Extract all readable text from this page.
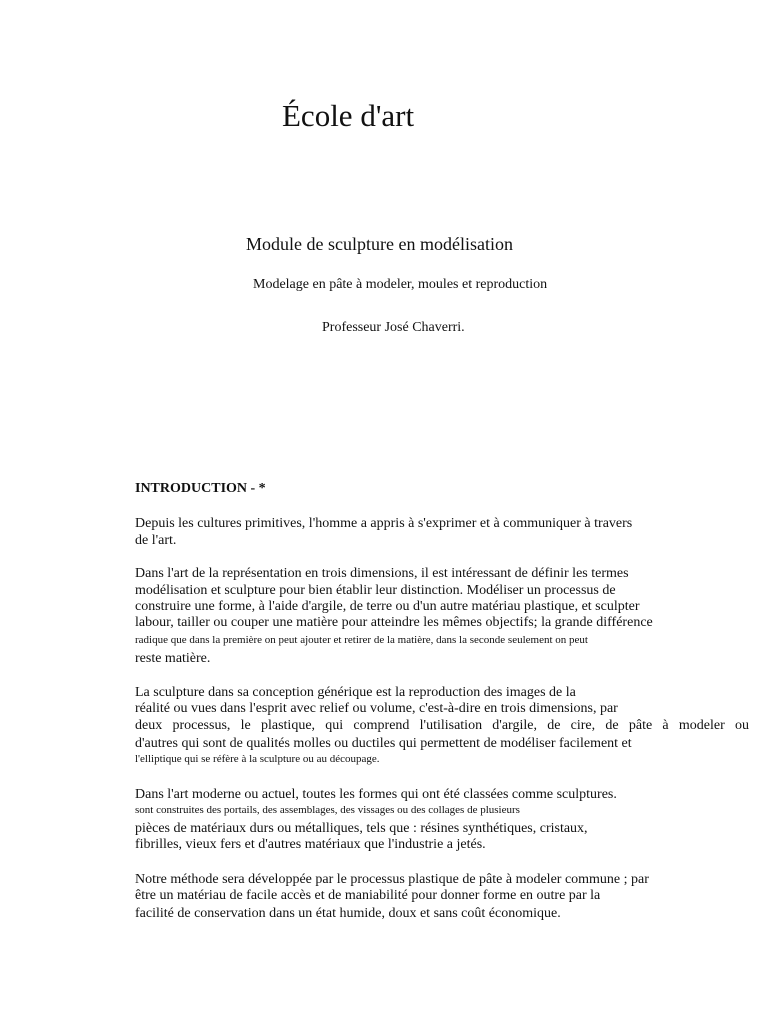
École d'art
Module de sculpture en modélisation
Modelage en pâte à modeler, moules et reproduction
Professeur José Chaverri.
INTRODUCTION - *
Depuis les cultures primitives, l'homme a appris à s'exprimer et à communiquer à travers
de l'art.
Dans l'art de la représentation en trois dimensions, il est intéressant de définir les termes
modélisation et sculpture pour bien établir leur distinction. Modéliser un processus de
construire une forme, à l'aide d'argile, de terre ou d'un autre matériau plastique, et sculpter
labour, tailler ou couper une matière pour atteindre les mêmes objectifs; la grande différence
radique que dans la première on peut ajouter et retirer de la matière, dans la seconde seulement on peut
reste matière.
La sculpture dans sa conception générique est la reproduction des images de la
réalité ou vues dans l'esprit avec relief ou volume, c'est-à-dire en trois dimensions, par
deux processus, le plastique, qui comprend l'utilisation d'argile, de cire, de pâte à modeler ou
d'autres qui sont de qualités molles ou ductiles qui permettent de modéliser facilement et
l'elliptique qui se réfère à la sculpture ou au découpage.
Dans l'art moderne ou actuel, toutes les formes qui ont été classées comme sculptures.
sont construites des portails, des assemblages, des vissages ou des collages de plusieurs
pièces de matériaux durs ou métalliques, tels que : résines synthétiques, cristaux,
fibrilles, vieux fers et d'autres matériaux que l'industrie a jetés.
Notre méthode sera développée par le processus plastique de pâte à modeler commune ; par
être un matériau de facile accès et de maniabilité pour donner forme en outre par la
facilité de conservation dans un état humide, doux et sans coût économique.
